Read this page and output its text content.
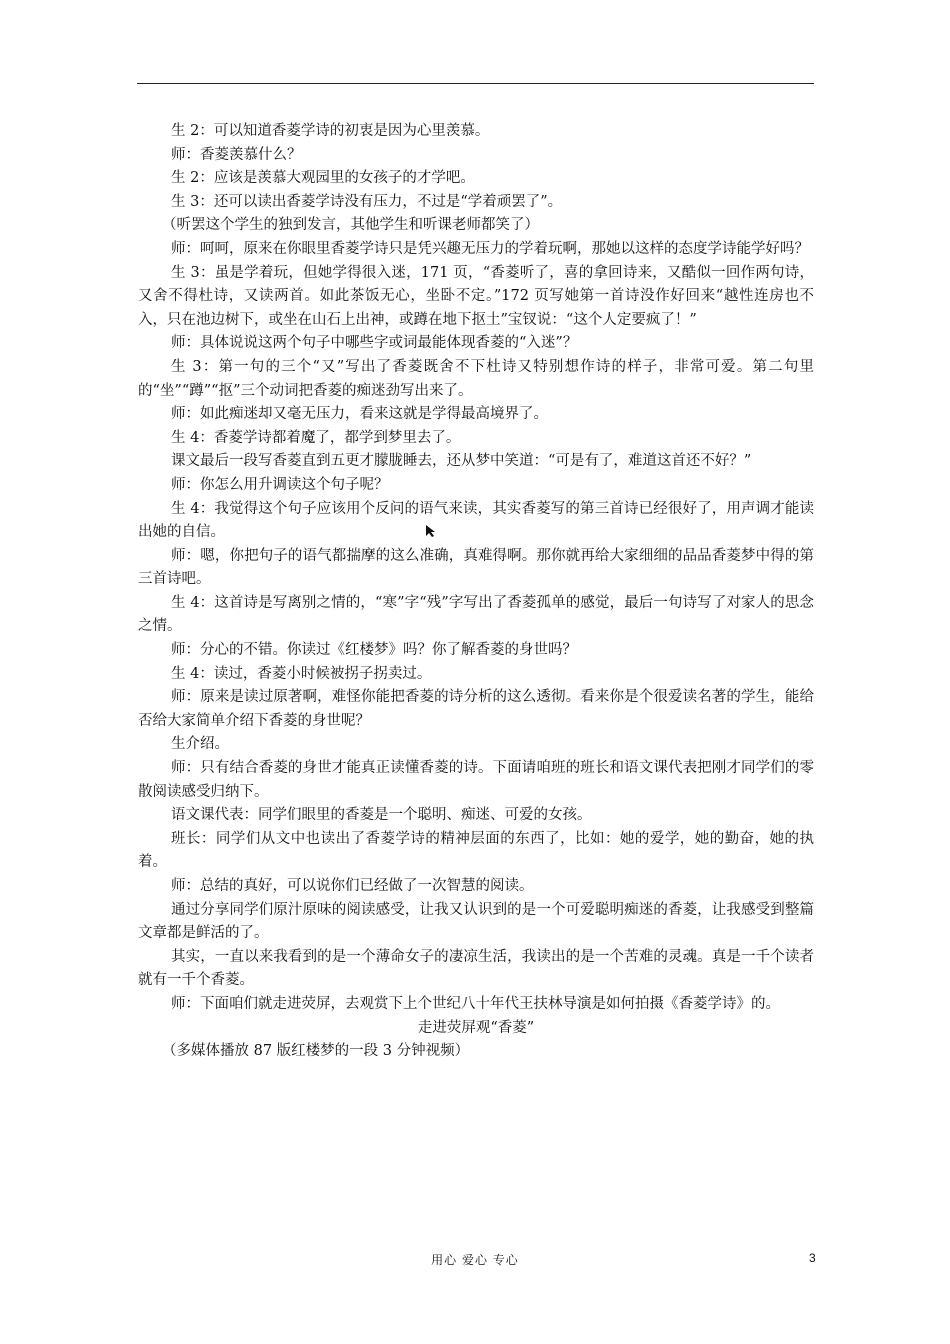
生 2：可以知道香菱学诗的初衷是因为心里羡慕。

师：香菱羡慕什么？

生 2：应该是羡慕大观园里的女孩子的才学吧。

生 3：还可以读出香菱学诗没有压力，不过是“学着顽罢了”。

（听罢这个学生的独到发言，其他学生和听课老师都笑了）

师：呵呵，原来在你眼里香菱学诗只是凭兴趣无压力的学着玩啊，那她以这样的态度学诗能学好吗？

生 3：虽是学着玩，但她学得很入迷，171 页，“香菱听了，喜的拿回诗来，又酷似一回作两句诗，又舍不得杜诗，又读两首。如此茶饭无心，坐卧不定。”172 页写她第一首诗没作好回来“越性连房也不入，只在池边树下，或坐在山石上出神，或蹲在地下抠土”宝钗说：“这个人定要疯了！”

师：具体说说这两个句子中哪些字或词最能体现香菱的“入迷”？

生 3：第一句的三个“又”写出了香菱既舍不下杜诗又特别想作诗的样子，非常可爱。第二句里的“坐”“蹲”“抠”三个动词把香菱的痴迷劲写出来了。

师：如此痴迷却又毫无压力，看来这就是学得最高境界了。

生 4：香菱学诗都着魔了，都学到梦里去了。

课文最后一段写香菱直到五更才朦胧睡去，还从梦中笑道：“可是有了，难道这首还不好？”

师：你怎么用升调读这个句子呢？

生 4：我觉得这个句子应该用个反问的语气来读，其实香菱写的第三首诗已经很好了，用声调才能读出她的自信。

师：嗯，你把句子的语气都揣摩的这么准确，真难得啊。那你就再给大家细细的品品香菱梦中得的第三首诗吧。

生 4：这首诗是写离别之情的，“寒”字“残”字写出了香菱孤单的感觉，最后一句诗写了对家人的思念之情。

师：分心的不错。你读过《红楼梦》吗？你了解香菱的身世吗？

生 4：读过，香菱小时候被拐子拐卖过。

师：原来是读过原著啊，难怪你能把香菱的诗分析的这么透彻。看来你是个很爱读名著的学生，能给否给大家简单介绍下香菱的身世呢？

生介绍。

师：只有结合香菱的身世才能真正读懂香菱的诗。下面请咱班的班长和语文课代表把刚才同学们的零散阅读感受归纳下。

语文课代表：同学们眼里的香菱是一个聪明、痴迷、可爱的女孩。

班长：同学们从文中也读出了香菱学诗的精神层面的东西了，比如：她的爱学，她的勤奋，她的执着。

师：总结的真好，可以说你们已经做了一次智慧的阅读。

通过分享同学们原汁原味的阅读感受，让我又认识到的是一个可爱聪明痴迷的香菱，让我感受到整篇文章都是鲜活的了。

其实，一直以来我看到的是一个薄命女子的凄凉生活，我读出的是一个苦难的灵魂。真是一千个读者就有一千个香菱。

师：下面咱们就走进荧屏，去观赏下上个世纪八十年代王扶林导演是如何拍摄《香菱学诗》的。

走进荧屏观“香菱”

（多媒体播放 87 版红楼梦的一段 3 分钟视频）

用心 爱心 专心	3
